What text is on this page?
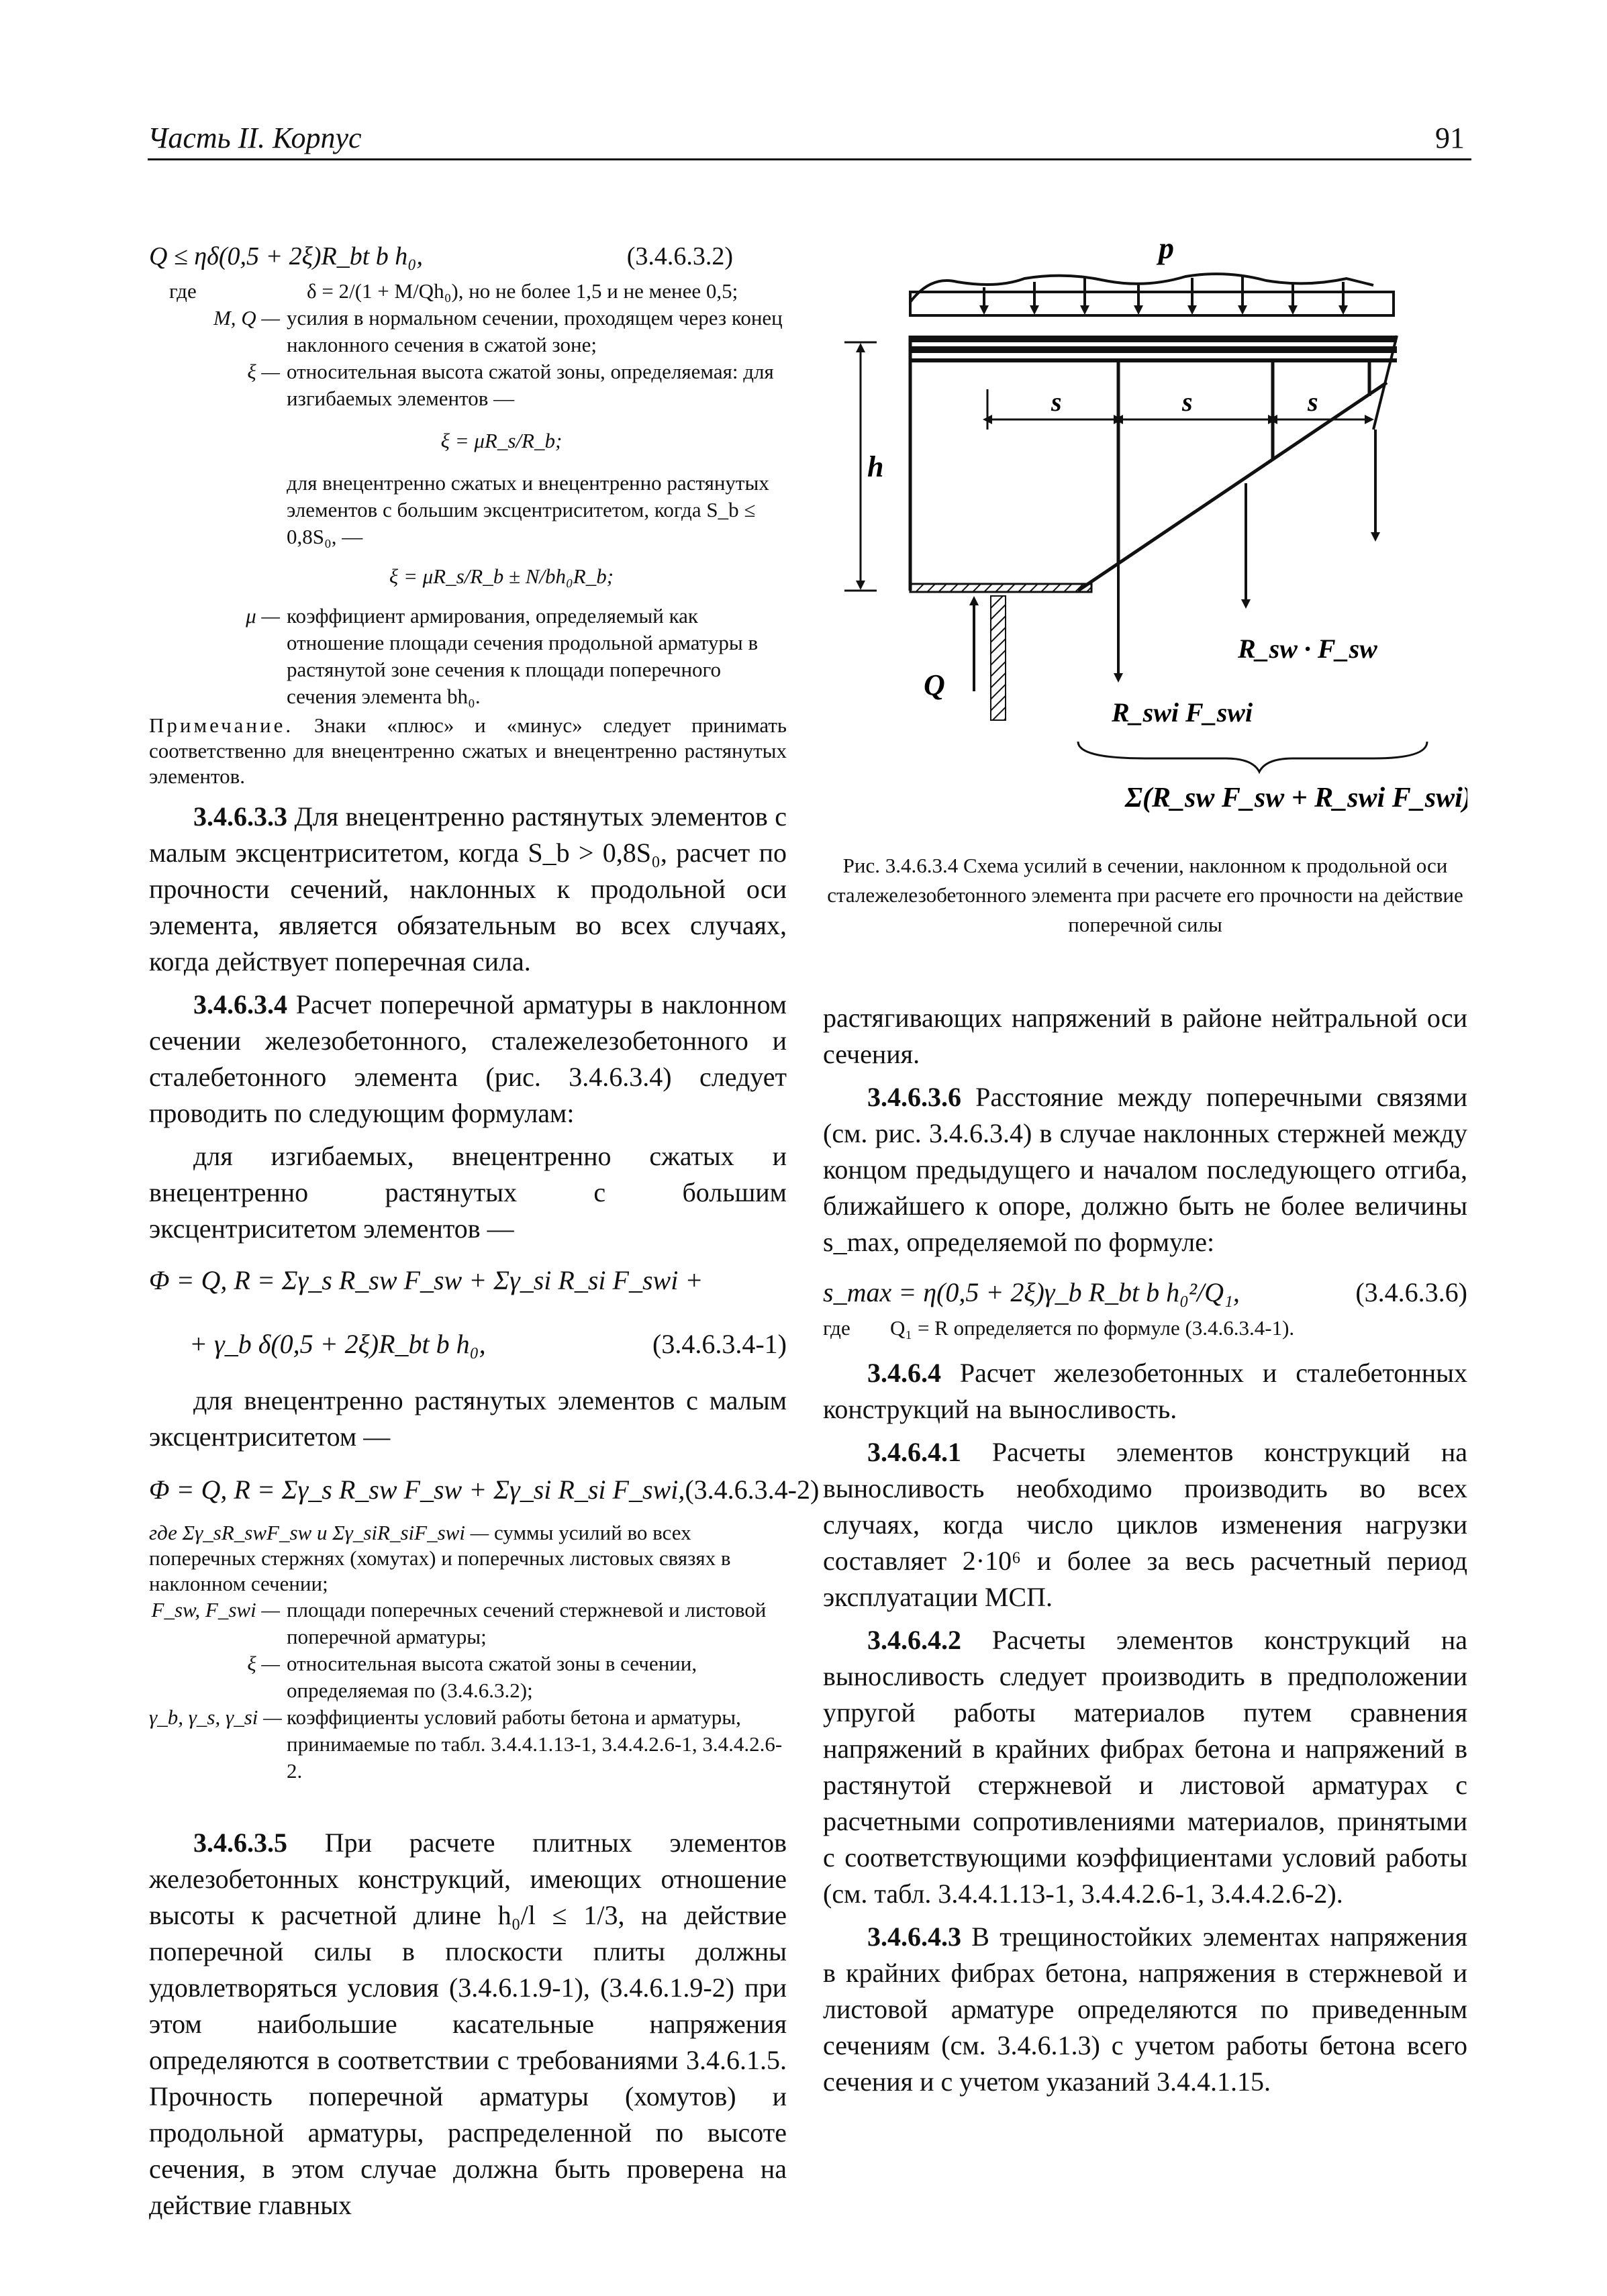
Часть II. Корпус	91
Q ≤ ηδ(0,5 + 2ξ)R_bt b h₀,	(3.4.6.3.2)
где	δ = 2/(1 + M/Qh₀), но не более 1,5 и не менее 0,5;
M, Q — усилия в нормальном сечении, проходящем через конец наклонного сечения в сжатой зоне;
ξ — относительная высота сжатой зоны, определяемая: для изгибаемых элементов —
ξ = μR_s/R_b;
для внецентренно сжатых и внецентренно растянутых элементов с большим эксцентриситетом, когда S_b ≤ 0,8S₀, —
ξ = μR_s/R_b ± N/bh₀R_b;
μ — коэффициент армирования, определяемый как отношение площади сечения продольной арматуры в растянутой зоне сечения к площади поперечного сечения элемента bh₀.
Примечание. Знаки «плюс» и «минус» следует принимать соответственно для внецентренно сжатых и внецентренно растянутых элементов.

3.4.6.3.3 Для внецентренно растянутых элементов с малым эксцентриситетом, когда S_b > 0,8S₀, расчет по прочности сечений, наклонных к продольной оси элемента, является обязательным во всех случаях, когда действует поперечная сила.

3.4.6.3.4 Расчет поперечной арматуры в наклонном сечении железобетонного, сталежелезобетонного и сталебетонного элемента (рис. 3.4.6.3.4) следует проводить по следующим формулам:

для изгибаемых, внецентренно сжатых и внецентренно растянутых с большим эксцентриситетом элементов —

Φ = Q, R = Σγ_s R_sw F_sw + Σγ_si R_si F_swi +
+ γ_b δ(0,5 + 2ξ)R_bt b h₀,	(3.4.6.3.4-1)

для внецентренно растянутых элементов с малым эксцентриситетом —

Φ = Q, R = Σγ_s R_sw F_sw + Σγ_si R_si F_swi, (3.4.6.3.4-2)
где Σγ_sR_swF_sw и Σγ_siR_siF_swi — суммы усилий во всех поперечных стержнях (хомутах) и поперечных листовых связях в наклонном сечении;
F_sw, F_swi — площади поперечных сечений стержневой и листовой поперечной арматуры;
ξ — относительная высота сжатой зоны в сечении, определяемая по (3.4.6.3.2);
γ_b, γ_s, γ_si — коэффициенты условий работы бетона и арматуры, принимаемые по табл. 3.4.4.1.13-1, 3.4.4.2.6-1, 3.4.4.2.6-2.

3.4.6.3.5 При расчете плитных элементов железобетонных конструкций, имеющих отношение высоты к расчетной длине h₀/l ≤ 1/3, на действие поперечной силы в плоскости плиты должны удовлетворяться условия (3.4.6.1.9-1), (3.4.6.1.9-2) при этом наибольшие касательные напряжения определяются в соответствии с требованиями 3.4.6.1.5. Прочность поперечной арматуры (хомутов) и продольной арматуры, распределенной по высоте сечения, в этом случае должна быть проверена на действие главных

p
s	s	s
h
R_sw · F_sw
R_swi F_swi
Q
Σ(R_sw F_sw + R_swi F_swi)
Рис. 3.4.6.3.4 Схема усилий в сечении, наклонном к продольной оси сталежелезобетонного элемента при расчете его прочности на действие поперечной силы

растягивающих напряжений в районе нейтральной оси сечения.

3.4.6.3.6 Расстояние между поперечными связями (см. рис. 3.4.6.3.4) в случае наклонных стержней между концом предыдущего и началом последующего отгиба, ближайшего к опоре, должно быть не более величины s_max, определяемой по формуле:

s_max = η(0,5 + 2ξ)γ_b R_bt b h₀²/Q₁,	(3.4.6.3.6)
где	Q₁ = R определяется по формуле (3.4.6.3.4-1).

3.4.6.4 Расчет железобетонных и сталебетонных конструкций на выносливость.

3.4.6.4.1 Расчеты элементов конструкций на выносливость необходимо производить во всех случаях, когда число циклов изменения нагрузки составляет 2·10⁶ и более за весь расчетный период эксплуатации МСП.

3.4.6.4.2 Расчеты элементов конструкций на выносливость следует производить в предположении упругой работы материалов путем сравнения напряжений в крайних фибрах бетона и напряжений в растянутой стержневой и листовой арматурах с расчетными сопротивлениями материалов, принятыми с соответствующими коэффициентами условий работы (см. табл. 3.4.4.1.13-1, 3.4.4.2.6-1, 3.4.4.2.6-2).

3.4.6.4.3 В трещиностойких элементах напряжения в крайних фибрах бетона, напряжения в стержневой и листовой арматуре определяются по приведенным сечениям (см. 3.4.6.1.3) с учетом работы бетона всего сечения и с учетом указаний 3.4.4.1.15.
